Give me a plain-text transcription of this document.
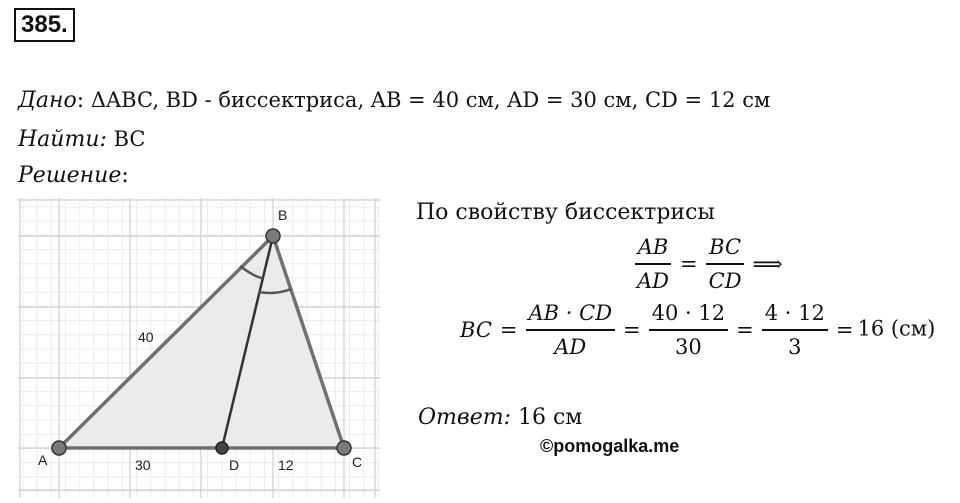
385.
Дано: ΔABC, BD - биссектриса, AB = 40 см, AD = 30 см, CD = 12 см
Найти: BC
Решение:
B
A	C
D
40
30	12
По свойству биссектрисы
$\frac{AB}{AD} = \frac{BC}{CD}$ ⟹
BC = $\frac{AB \cdot CD}{AD} = \frac{40 \cdot 12}{30} = \frac{4 \cdot 12}{3} = 16$ (см)
Ответ: 16 см
©pomogalka.me
